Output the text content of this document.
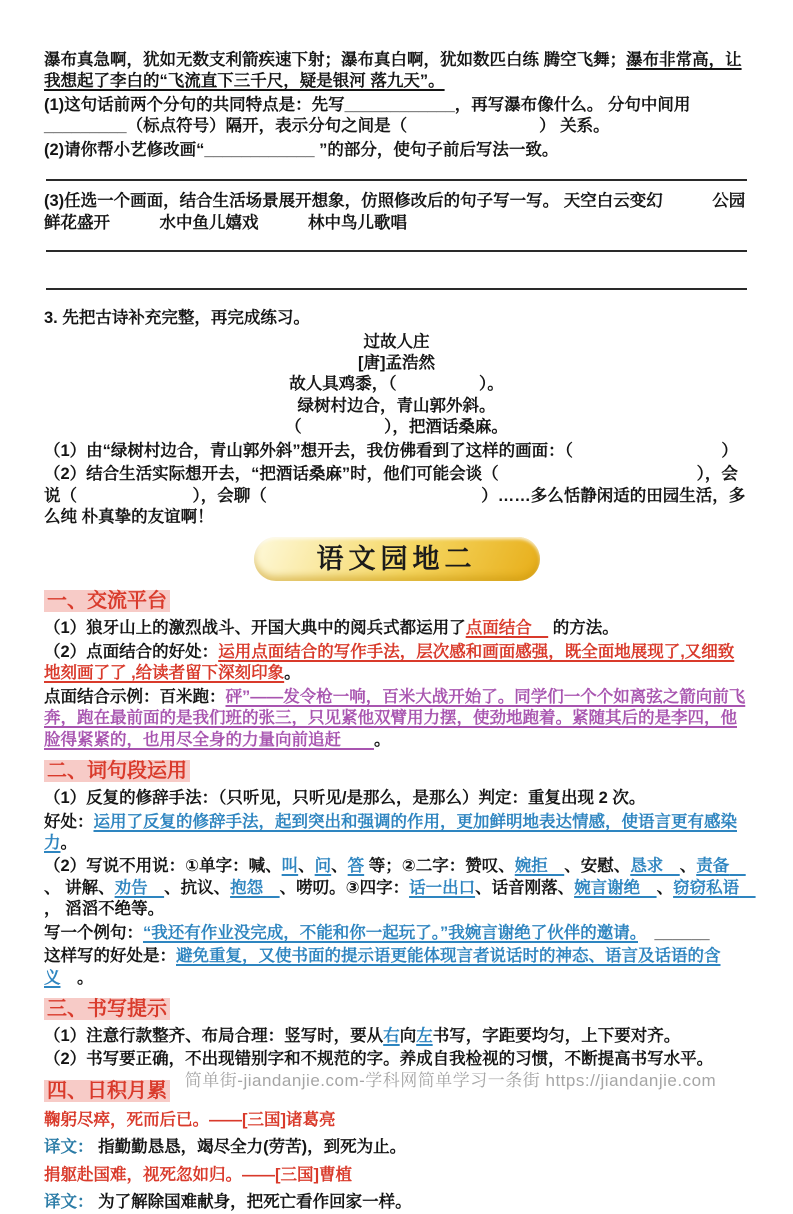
瀑布真急啊，犹如无数支利箭疾速下射；瀑布真白啊，犹如数匹白练 腾空飞舞；瀑布非常高，让我想起了李白的“飞流直下三千尺，疑是银河 落九天”。
(1)这句话前两个分句的共同特点是：先写____________，再写瀑布像什么。 分句中间用_________（标点符号）隔开，表示分句之间是（　　　　　　　　） 关系。
(2)请你帮小艺修改画“____________ ”的部分，使句子前后写法一致。
(3)任选一个画面，结合生活场景展开想象，仿照修改后的句子写一写。 天空白云变幻　　　公园鲜花盛开　　　水中鱼儿嬉戏　　　林中鸟儿歌唱
3. 先把古诗补充完整，再完成练习。
过故人庄
[唐]孟浩然
故人具鸡黍，（　　　　　）。
绿树村边合，青山郭外斜。
（　　　　　），把酒话桑麻。
（1）由“绿树村边合，青山郭外斜”想开去，我仿佛看到了这样的画面：（　　　　　　　　　）
（2）结合生活实际想开去，“把酒话桑麻”时，他们可能会谈（　　　　　　　　　　　　），会说（　　　　　　　），会聊（　　　　　　　　　　　　　）……多么恬静闲适的田园生活，多么纯 朴真挚的友谊啊！
语文园地二
一、交流平台
（1）狼牙山上的激烈战斗、开国大典中的阅兵式都运用了点面结合　 的方法。
（2）点面结合的好处：运用点面结合的写作手法，层次感和画面感强，既全面地展现了,又细致地刻画了了 ,给读者留下深刻印象。
点面结合示例：百米跑：砰”——发令枪一响，百米大战开始了。同学们一个个如离弦之箭向前飞奔，跑在最前面的是我们班的张三，只见紧他双臂用力摆，使劲地跑着。紧随其后的是李四，他脸得紧紧的，也用尽全身的力量向前追赶　　。
二、词句段运用
（1）反复的修辞手法：（只听见，只听见/是那么，是那么）判定：重复出现 2 次。
好处：运用了反复的修辞手法，起到突出和强调的作用，更加鲜明地表达情感，使语言更有感染力。
（2）写说不用说：①单字：喊、叫、问、答 等；②二字：赞叹、婉拒　、安慰、恳求　、责备　、 讲解、劝告　、抗议、抱怨　、唠叨。③四字：话一出口、话音刚落、婉言谢绝　、窃窃私语　， 滔滔不绝等。
写一个例句：“我还有作业没完成，不能和你一起玩了。”我婉言谢绝了伙伴的邀请。　______
这样写的好处是：避免重复，又使书面的提示语更能体现言者说话时的神态、语言及话语的含义　。
三、书写提示
（1）注意行款整齐、布局合理：竖写时，要从右向左书写，字距要均匀，上下要对齐。
（2）书写要正确，不出现错别字和不规范的字。养成自我检视的习惯，不断提高书写水平。
四、日积月累
鞠躬尽瘁，死而后已。——[三国]诸葛亮
译文： 指勤勤恳恳，竭尽全力(劳苦)，到死为止。
捐躯赴国难，视死忽如归。——[三国]曹植
译文： 为了解除国难献身，把死亡看作回家一样。
简单街-jiandanjie.com-学科网简单学习一条街 https://jiandanjie.com
